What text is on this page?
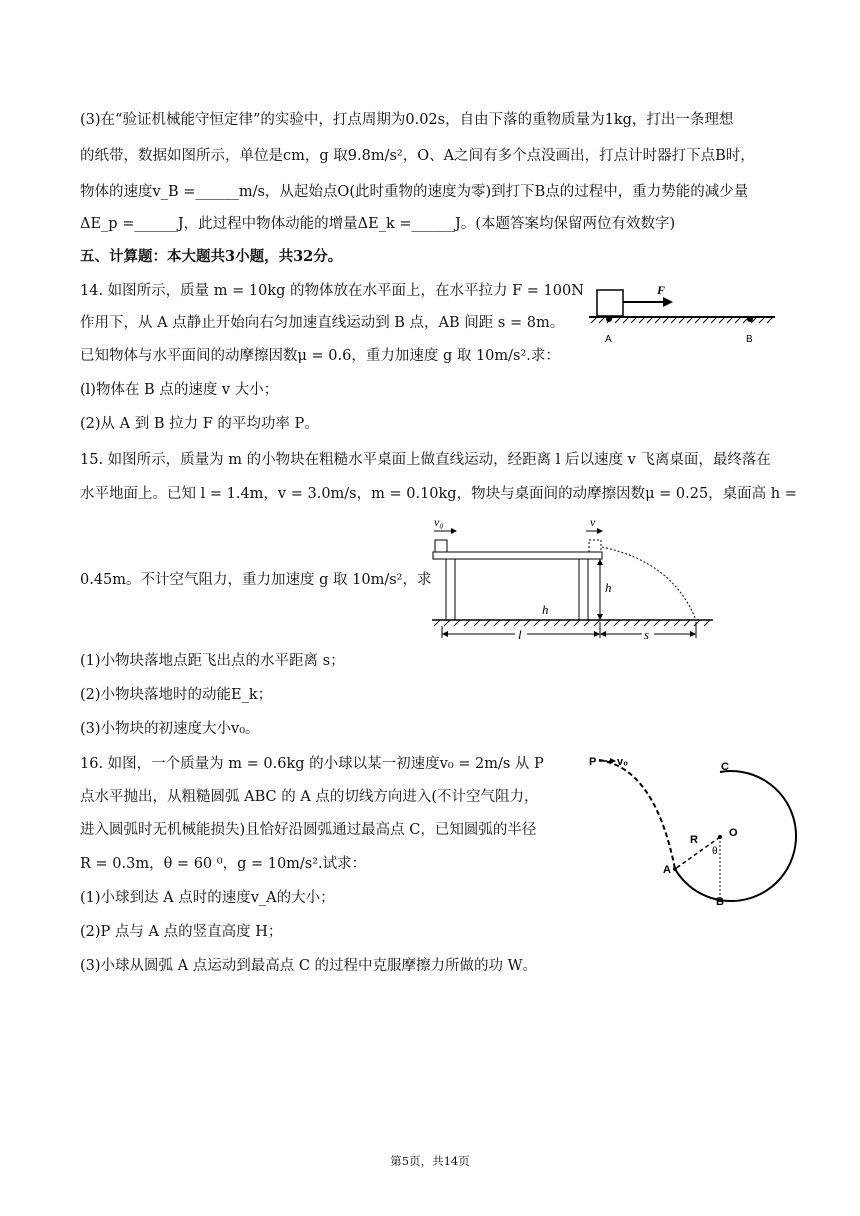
(3)在“验证机械能守恒定律”的实验中，打点周期为0.02s，自由下落的重物质量为1kg，打出一条理想
的纸带，数据如图所示，单位是cm，g 取9.8m/s²，O、A之间有多个点没画出，打点计时器打下点B时，
物体的速度v_B =______m/s，从起始点O(此时重物的速度为零)到打下B点的过程中，重力势能的减少量
ΔE_p =______J，此过程中物体动能的增量ΔE_k =______J。(本题答案均保留两位有效数字)
五、计算题：本大题共3小题，共32分。
14. 如图所示，质量 m = 10kg 的物体放在水平面上，在水平拉力 F = 100N
作用下，从 A 点静止开始向右匀加速直线运动到 B 点，AB 间距 s = 8m。
已知物体与水平面间的动摩擦因数μ = 0.6，重力加速度 g 取 10m/s².求：
(l)物体在 B 点的速度 v 大小；
(2)从 A 到 B 拉力 F 的平均功率 P。
F
A	B
15. 如图所示，质量为 m 的小物块在粗糙水平桌面上做直线运动，经距离 l 后以速度 v 飞离桌面，最终落在
水平地面上。已知 l = 1.4m，v = 3.0m/s，m = 0.10kg，物块与桌面间的动摩擦因数μ = 0.25，桌面高 h =
0.45m。不计空气阻力，重力加速度 g 取 10m/s²，求
(1)小物块落地点距飞出点的水平距离 s；
(2)小物块落地时的动能E_k；
(3)小物块的初速度大小v₀。
v₀	v
h
h
l	s
16. 如图，一个质量为 m = 0.6kg 的小球以某一初速度v₀ = 2m/s 从 P
点水平抛出，从粗糙圆弧 ABC 的 A 点的切线方向进入(不计空气阻力，
进入圆弧时无机械能损失)且恰好沿圆弧通过最高点 C，已知圆弧的半径
R = 0.3m，θ = 60 ⁰，g = 10m/s².试求：
(1)小球到达 A 点时的速度v_A的大小；
(2)P 点与 A 点的竖直高度 H；
(3)小球从圆弧 A 点运动到最高点 C 的过程中克服摩擦力所做的功 W。
P v₀	C
O
R
θ
A
B
第5页，共14页
